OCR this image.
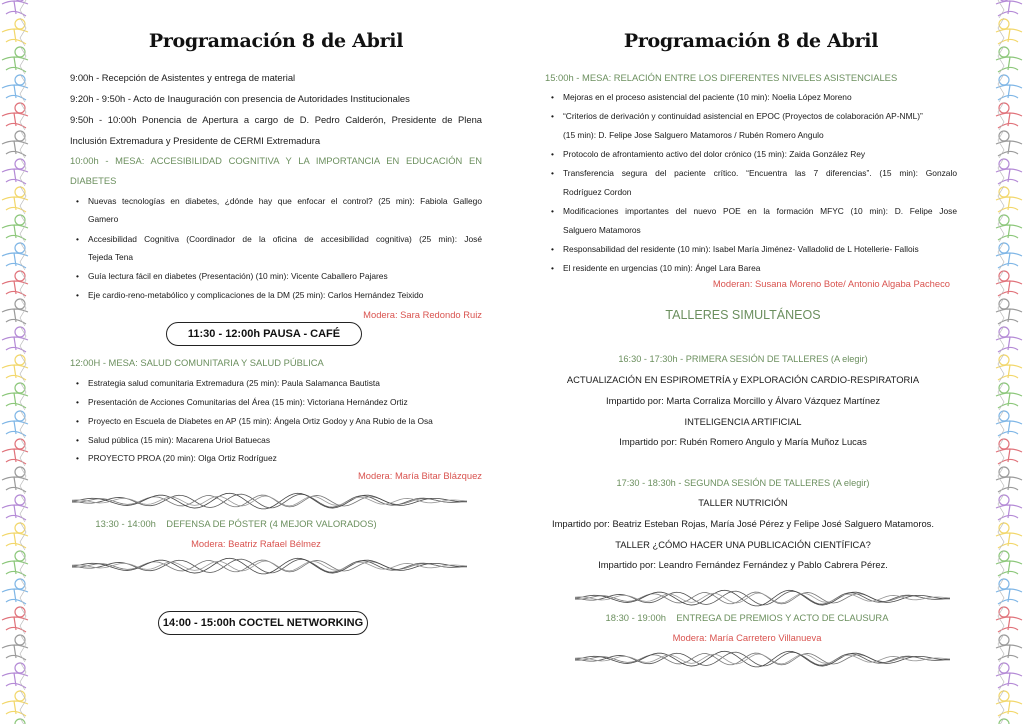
Programación 8 de Abril
9:00h - Recepción de Asistentes y entrega de material
9:20h - 9:50h - Acto de Inauguración con presencia de Autoridades Institucionales
9:50h - 10:00h Ponencia de Apertura a cargo de D. Pedro Calderón, Presidente de Plena
Inclusión Extremadura y Presidente de CERMI Extremadura
10:00h - MESA: ACCESIBILIDAD COGNITIVA Y LA IMPORTANCIA EN EDUCACIÓN EN
DIABETES
• Nuevas tecnologías en diabetes, ¿dónde hay que enfocar el control? (25 min): Fabiola Gallego
Gamero
• Accesibilidad Cognitiva (Coordinador de la oficina de accesibilidad cognitiva) (25 min): José
Tejeda Tena
• Guía lectura fácil en diabetes (Presentación) (10 min): Vicente Caballero Pajares
• Eje cardio-reno-metabólico y complicaciones de la DM (25 min): Carlos Hernández Teixido
Modera: Sara Redondo Ruiz
11:30 - 12:00h PAUSA - CAFÉ
12:00H - MESA: SALUD COMUNITARIA Y SALUD PÚBLICA
• Estrategia salud comunitaria Extremadura (25 min): Paula Salamanca Bautista
• Presentación de Acciones Comunitarias del Área (15 min): Victoriana Hernández Ortiz
• Proyecto en Escuela de Diabetes en AP (15 min): Ángela Ortiz Godoy y Ana Rubio de la Osa
• Salud pública (15 min): Macarena Uriol Batuecas
• PROYECTO PROA (20 min): Olga Ortiz Rodríguez
Modera: María Bitar Blázquez
13:30 - 14:00h DEFENSA DE PÓSTER (4 MEJOR VALORADOS)
Modera: Beatriz Rafael Bélmez
14:00 - 15:00h COCTEL NETWORKING
Programación 8 de Abril
15:00h - MESA: RELACIÓN ENTRE LOS DIFERENTES NIVELES ASISTENCIALES
• Mejoras en el proceso asistencial del paciente (10 min): Noelia López Moreno
• “Criterios de derivación y continuidad asistencial en EPOC (Proyectos de colaboración AP-NML)”
(15 min): D. Felipe Jose Salguero Matamoros / Rubén Romero Angulo
• Protocolo de afrontamiento activo del dolor crónico (15 min): Zaida González Rey
• Transferencia segura del paciente crítico. “Encuentra las 7 diferencias”. (15 min): Gonzalo
Rodríguez Cordon
• Modificaciones importantes del nuevo POE en la formación MFYC (10 min): D. Felipe Jose
Salguero Matamoros
• Responsabilidad del residente (10 min): Isabel María Jiménez- Valladolid de L Hotellerie- Fallois
• El residente en urgencias (10 min): Ángel Lara Barea
Moderan: Susana Moreno Bote/ Antonio Algaba Pacheco
TALLERES SIMULTÁNEOS
16:30 - 17:30h - PRIMERA SESIÓN DE TALLERES (A elegir)
ACTUALIZACIÓN EN ESPIROMETRÍA y EXPLORACIÓN CARDIO-RESPIRATORIA
Impartido por: Marta Corraliza Morcillo y Álvaro Vázquez Martínez
INTELIGENCIA ARTIFICIAL
Impartido por: Rubén Romero Angulo y María Muñoz Lucas
17:30 - 18:30h - SEGUNDA SESIÓN DE TALLERES (A elegir)
TALLER NUTRICIÓN
Impartido por: Beatriz Esteban Rojas, María José Pérez y Felipe José Salguero Matamoros.
TALLER ¿CÓMO HACER UNA PUBLICACIÓN CIENTÍFICA?
Impartido por: Leandro Fernández Fernández y Pablo Cabrera Pérez.
18:30 - 19:00h ENTREGA DE PREMIOS Y ACTO DE CLAUSURA
Modera: María Carretero Villanueva
